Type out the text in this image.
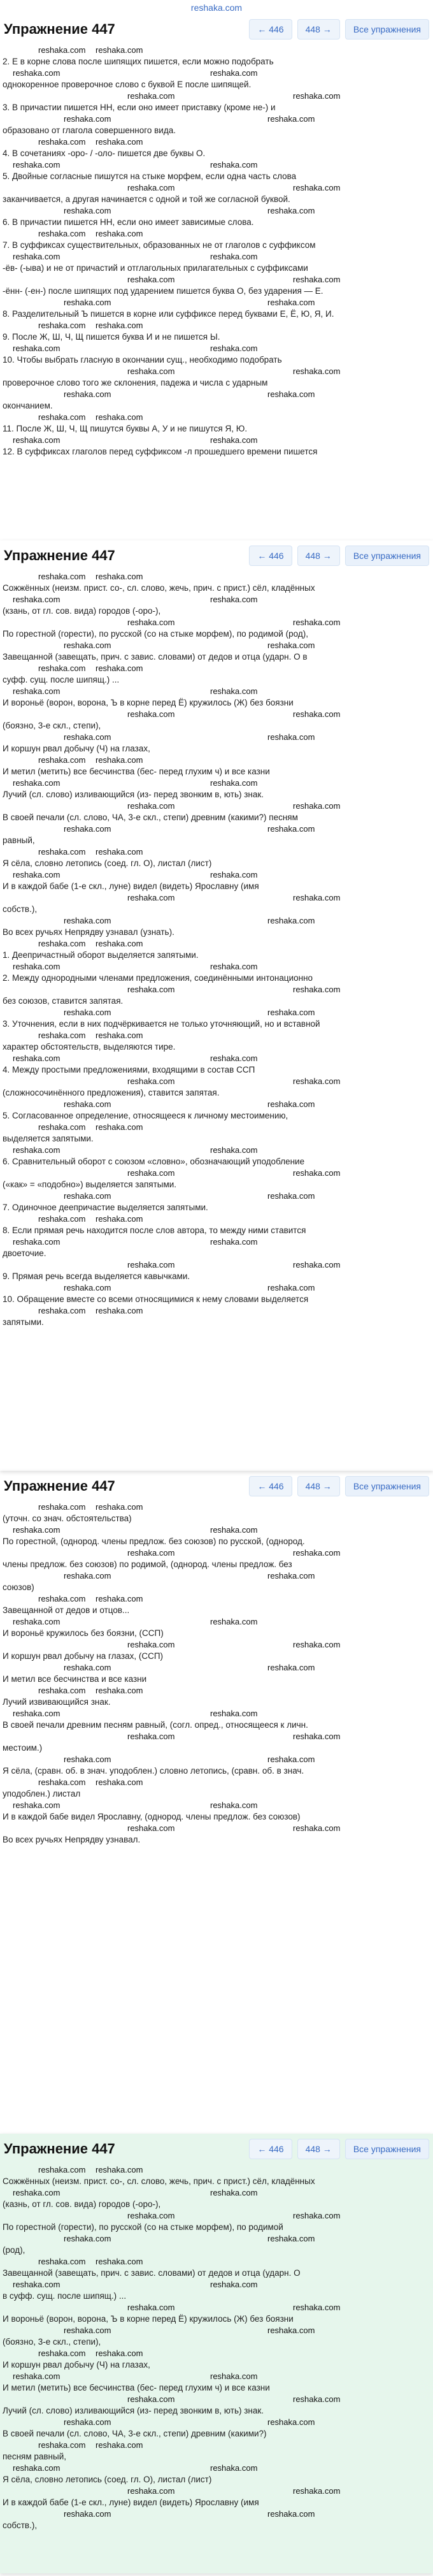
reshaka.com
Упражнение 447	← 446	448 →	Все упражнения
reshaka.com reshaka.com
2. Е в корне слова после шипящих пишется, если можно подобрать
reshaka.com	reshaka.com
однокоренное проверочное слово с буквой Е после шипящей.
reshaka.com	reshaka.com
3. В причастии пишется НН, если оно имеет приставку (кроме не-) и
reshaka.com	reshaka.com
образовано от глагола совершенного вида.
reshaka.com reshaka.com
4. В сочетаниях -оро- / -оло- пишется две буквы О.
reshaka.com	reshaka.com
5. Двойные согласные пишутся на стыке морфем, если одна часть слова
reshaka.com	reshaka.com
заканчивается, а другая начинается с одной и той же согласной буквой.
reshaka.com	reshaka.com
6. В причастии пишется НН, если оно имеет зависимые слова.
reshaka.com reshaka.com
7. В суффиксах существительных, образованных не от глаголов с суффиксом
reshaka.com	reshaka.com
-ёв- (-ыва) и не от причастий и отглагольных прилагательных с суффиксами
reshaka.com	reshaka.com
-ённ- (-ен-) после шипящих под ударением пишется буква О, без ударения — Е.
reshaka.com	reshaka.com
8. Разделительный Ъ пишется в корне или суффиксе перед буквами Е, Ё, Ю, Я, И.
reshaka.com reshaka.com
9. После Ж, Ш, Ч, Щ пишется буква И и не пишется Ы.
reshaka.com	reshaka.com
10. Чтобы выбрать гласную в окончании сущ., необходимо подобрать
reshaka.com	reshaka.com
проверочное слово того же склонения, падежа и числа с ударным
reshaka.com	reshaka.com
окончанием.
reshaka.com reshaka.com
11. После Ж, Ш, Ч, Щ пишутся буквы А, У и не пишутся Я, Ю.
reshaka.com	reshaka.com
12. В суффиксах глаголов перед суффиксом -л прошедшего времени пишется
Упражнение 447	← 446	448 →	Все упражнения
reshaka.com reshaka.com
Сожжённых (неизм. прист. со-, сл. слово, жечь, прич. с прист.) сёл, кладённых
reshaka.com	reshaka.com
(кзань, от гл. сов. вида) городов (-оро-),
reshaka.com	reshaka.com
По горестной (горести), по русской (со на стыке морфем), по родимой (род),
reshaka.com	reshaka.com
Завещанной (завещать, прич. с завис. словами) от дедов и отца (ударн. О в
reshaka.com reshaka.com
суфф. сущ. после шипящ.) ...
reshaka.com	reshaka.com
И вороньё (ворон, ворона, Ъ в корне перед Ё) кружилось (Ж) без боязни
reshaka.com	reshaka.com
(боязно, 3-е скл., степи),
reshaka.com	reshaka.com
И коршун рвал добычу (Ч) на глазах,
reshaka.com reshaka.com
И метил (метить) все бесчинства (бес- перед глухим ч) и все казни
reshaka.com	reshaka.com
Лучий (сл. слово) изливающийся (из- перед звонким в, ють) знак.
reshaka.com	reshaka.com
В своей печали (сл. слово, ЧА, 3-е скл., степи) древним (какими?) песням
reshaka.com	reshaka.com
равный,
reshaka.com reshaka.com
Я сёла, словно летопись (соед. гл. О), листал (лист)
reshaka.com	reshaka.com
И в каждой бабе (1-е скл., луне) видел (видеть) Ярославну (имя
reshaka.com	reshaka.com
собств.),
reshaka.com	reshaka.com
Во всех ручьях Непрядву узнавал (узнать).
reshaka.com reshaka.com
1. Деепричастный оборот выделяется запятыми.
reshaka.com	reshaka.com
2. Между однородными членами предложения, соединёнными интонационно
reshaka.com	reshaka.com
без союзов, ставится запятая.
reshaka.com	reshaka.com
3. Уточнения, если в них подчёркивается не только уточняющий, но и вставной
reshaka.com reshaka.com
характер обстоятельств, выделяются тире.
reshaka.com	reshaka.com
4. Между простыми предложениями, входящими в состав ССП
reshaka.com	reshaka.com
(сложносочинённого предложения), ставится запятая.
reshaka.com	reshaka.com
5. Согласованное определение, относящееся к личному местоимению,
reshaka.com reshaka.com
выделяется запятыми.
reshaka.com	reshaka.com
6. Сравнительный оборот с союзом «словно», обозначающий уподобление
reshaka.com	reshaka.com
(«как» = «подобно») выделяется запятыми.
reshaka.com	reshaka.com
7. Одиночное деепричастие выделяется запятыми.
reshaka.com reshaka.com
8. Если прямая речь находится после слов автора, то между ними ставится
reshaka.com	reshaka.com
двоеточие.
reshaka.com	reshaka.com
9. Прямая речь всегда выделяется кавычками.
reshaka.com	reshaka.com
10. Обращение вместе со всеми относящимися к нему словами выделяется
reshaka.com reshaka.com
запятыми.
Упражнение 447	← 446	448 →	Все упражнения
reshaka.com reshaka.com
(уточн. со знач. обстоятельства)
reshaka.com	reshaka.com
По горестной, (однород. члены предлож. без союзов) по русской, (однород.
reshaka.com	reshaka.com
члены предлож. без союзов) по родимой, (однород. члены предлож. без
reshaka.com	reshaka.com
союзов)
reshaka.com reshaka.com
Завещанной от дедов и отцов...
reshaka.com	reshaka.com
И вороньё кружилось без боязни, (ССП)
reshaka.com	reshaka.com
И коршун рвал добычу на глазах, (ССП)
reshaka.com	reshaka.com
И метил все бесчинства и все казни
reshaka.com reshaka.com
Лучий извивающийся знак.
reshaka.com	reshaka.com
В своей печали древним песням равный, (согл. опред., относящееся к личн.
reshaka.com	reshaka.com
местоим.)
reshaka.com	reshaka.com
Я сёла, (сравн. об. в знач. уподоблен.) словно летопись, (сравн. об. в знач.
reshaka.com reshaka.com
уподоблен.) листал
reshaka.com	reshaka.com
И в каждой бабе видел Ярославну, (однород. члены предлож. без союзов)
reshaka.com	reshaka.com
Во всех ручьях Непрядву узнавал.
Упражнение 447	← 446	448 →	Все упражнения
reshaka.com reshaka.com
Сожжённых (неизм. прист. со-, сл. слово, жечь, прич. с прист.) сёл, кладённых
reshaka.com	reshaka.com
(казнь, от гл. сов. вида) городов (-оро-),
reshaka.com	reshaka.com
По горестной (горести), по русской (со на стыке морфем), по родимой
reshaka.com	reshaka.com
(род),
reshaka.com reshaka.com
Завещанной (завещать, прич. с завис. словами) от дедов и отца (ударн. О
reshaka.com	reshaka.com
в суфф. сущ. после шипящ.) ...
reshaka.com	reshaka.com
И вороньё (ворон, ворона, Ъ в корне перед Ё) кружилось (Ж) без боязни
reshaka.com	reshaka.com
(боязно, 3-е скл., степи),
reshaka.com reshaka.com
И коршун рвал добычу (Ч) на глазах,
reshaka.com	reshaka.com
И метил (метить) все бесчинства (бес- перед глухим ч) и все казни
reshaka.com	reshaka.com
Лучий (сл. слово) изливающийся (из- перед звонким в, ють) знак.
reshaka.com	reshaka.com
В своей печали (сл. слово, ЧА, 3-е скл., степи) древним (какими?)
reshaka.com reshaka.com
песням равный,
reshaka.com	reshaka.com
Я сёла, словно летопись (соед. гл. О), листал (лист)
reshaka.com	reshaka.com
И в каждой бабе (1-е скл., луне) видел (видеть) Ярославну (имя
reshaka.com	reshaka.com
собств.),
